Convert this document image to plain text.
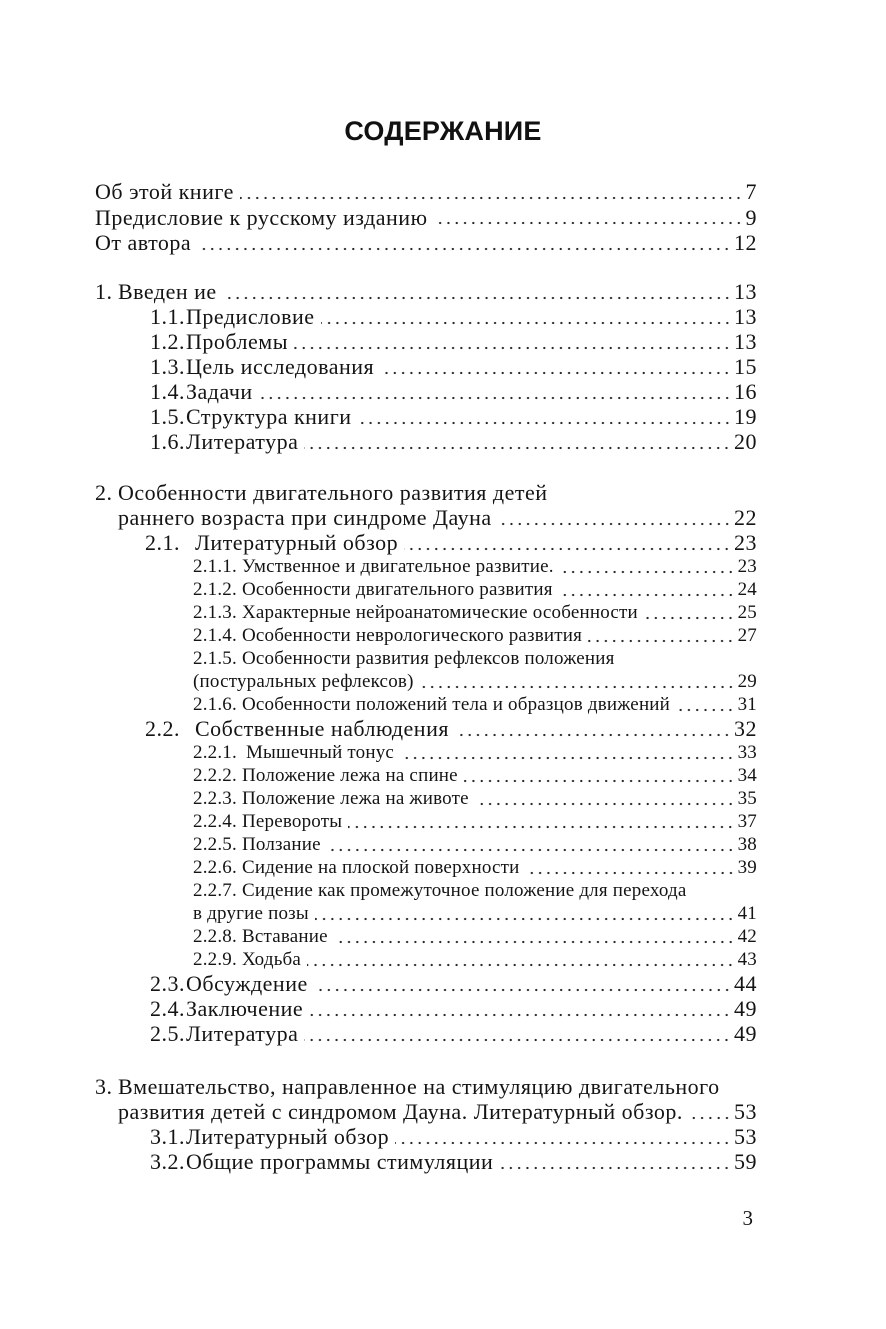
СОДЕРЖАНИЕ
Об этой книге	7
Предисловие к русскому изданию	9
От автора	12
1. Введен ие	13
1.1. Предисловие	13
1.2. Проблемы	13
1.3. Цель исследования	15
1.4. Задачи	16
1.5. Структура книги	19
1.6. Литература	20
2. Особенности двигательного развития детей
раннего возраста при синдроме Дауна	22
2.1. Литературный обзор	23
2.1.1. Умственное и двигательное развитие.	23
2.1.2. Особенности двигательного развития	24
2.1.3. Характерные нейроанатомические особенности	25
2.1.4. Особенности неврологического развития	27
2.1.5. Особенности развития рефлексов положения
(постуральных рефлексов)	29
2.1.6. Особенности положений тела и образцов движений	31
2.2. Собственные наблюдения	32
2.2.1. Мышечный тонус	33
2.2.2. Положение лежа на спине	34
2.2.3. Положение лежа на животе	35
2.2.4. Перевороты	37
2.2.5. Ползание	38
2.2.6. Сидение на плоской поверхности	39
2.2.7. Сидение как промежуточное положение для перехода
в другие позы	41
2.2.8. Вставание	42
2.2.9. Ходьба	43
2.3. Обсуждение	44
2.4. Заключение	49
2.5. Литература	49
3. Вмешательство, направленное на стимуляцию двигательного
развития детей с синдромом Дауна. Литературный обзор. 53
3.1. Литературный обзор	53
3.2. Общие программы стимуляции	59
3
